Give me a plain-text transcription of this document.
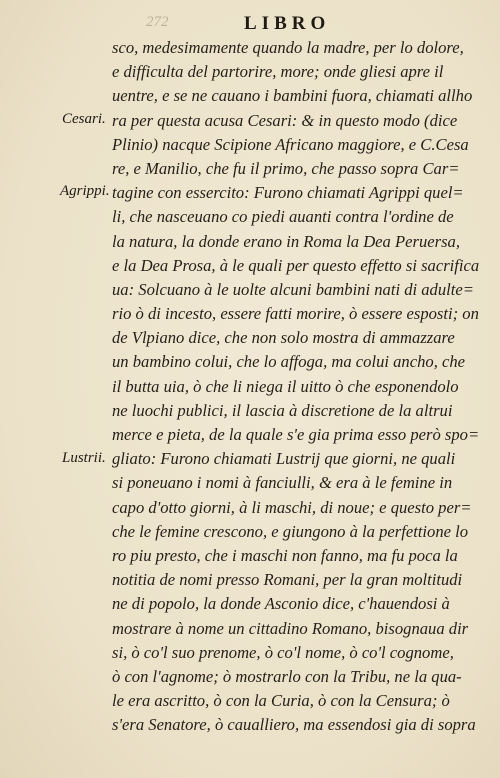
272	LIBRO
Cesari.
Agrippi.
Lustrii.
sco, medesimamente quando la madre, per lo dolore,
e difficulta del partorire, more; onde gliesi apre il
uentre, e se ne cauano i bambini fuora, chiamati allho
ra per questa acusa Cesari: & in questo modo (dice
Plinio) nacque Scipione Africano maggiore, e C.Cesa
re, e Manilio, che fu il primo, che passo sopra Car=
tagine con essercito: Furono chiamati Agrippi quel=
li, che nasceuano co piedi auanti contra l'ordine de
la natura, la donde erano in Roma la Dea Peruersa,
e la Dea Prosa, à le quali per questo effetto si sacrifica
ua: Solcuano à le uolte alcuni bambini nati di adulte=
rio ò di incesto, essere fatti morire, ò essere esposti; on
de Vlpiano dice, che non solo mostra di ammazzare
un bambino colui, che lo affoga, ma colui ancho, che
il butta uia, ò che li niega il uitto ò che esponendolo
ne luochi publici, il lascia à discretione de la altrui
merce e pieta, de la quale s'e gia prima esso però spo=
gliato: Furono chiamati Lustrij que giorni, ne quali
si poneuano i nomi à fanciulli, & era à le femine in
capo d'otto giorni, à li maschi, di noue; e questo per=
che le femine crescono, e giungono à la perfettione lo
ro piu presto, che i maschi non fanno, ma fu poca la
notitia de nomi presso Romani, per la gran moltitudi
ne di popolo, la donde Asconio dice, c'hauendosi à
mostrare à nome un cittadino Romano, bisognaua dir
si, ò co'l suo prenome, ò co'l nome, ò co'l cognome,
ò con l'agnome; ò mostrarlo con la Tribu, ne la qua-
le era ascritto, ò con la Curia, ò con la Censura; ò
s'era Senatore, ò caualliero, ma essendosi gia di sopra
